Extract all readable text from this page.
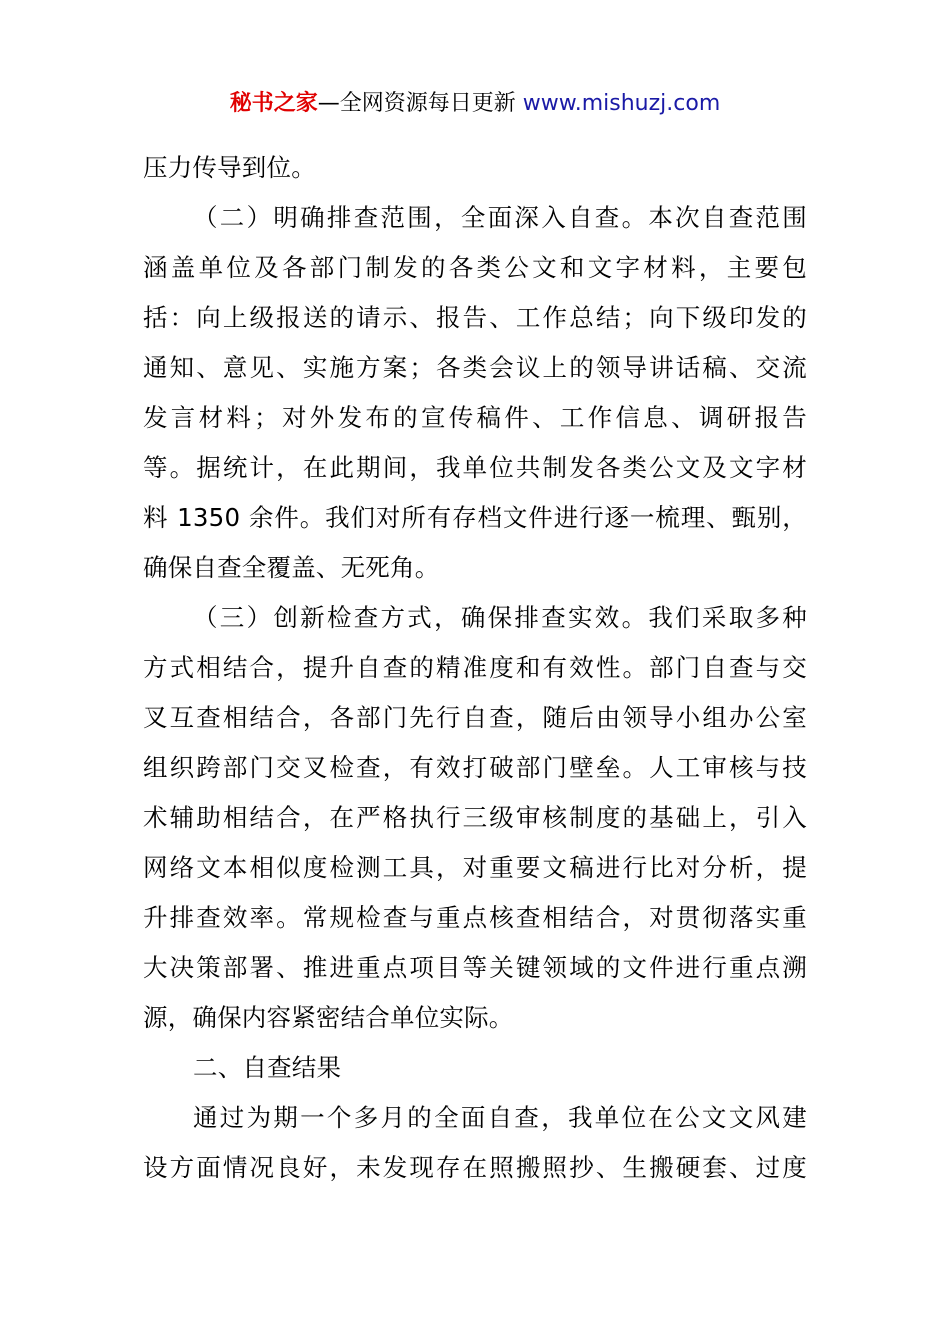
秘书之家—全网资源每日更新 www.mishuzj.com
压力传导到位。
（二）明确排查范围，全面深入自查。本次自查范围
涵盖单位及各部门制发的各类公文和文字材料，主要包
括：向上级报送的请示、报告、工作总结；向下级印发的
通知、意见、实施方案；各类会议上的领导讲话稿、交流
发言材料；对外发布的宣传稿件、工作信息、调研报告
等。据统计，在此期间，我单位共制发各类公文及文字材
料 1350 余件。我们对所有存档文件进行逐一梳理、甄别，
确保自查全覆盖、无死角。
（三）创新检查方式，确保排查实效。我们采取多种
方式相结合，提升自查的精准度和有效性。部门自查与交
叉互查相结合，各部门先行自查，随后由领导小组办公室
组织跨部门交叉检查，有效打破部门壁垒。人工审核与技
术辅助相结合，在严格执行三级审核制度的基础上，引入
网络文本相似度检测工具，对重要文稿进行比对分析，提
升排查效率。常规检查与重点核查相结合，对贯彻落实重
大决策部署、推进重点项目等关键领域的文件进行重点溯
源，确保内容紧密结合单位实际。
二、自查结果
通过为期一个多月的全面自查，我单位在公文文风建
设方面情况良好，未发现存在照搬照抄、生搬硬套、过度
